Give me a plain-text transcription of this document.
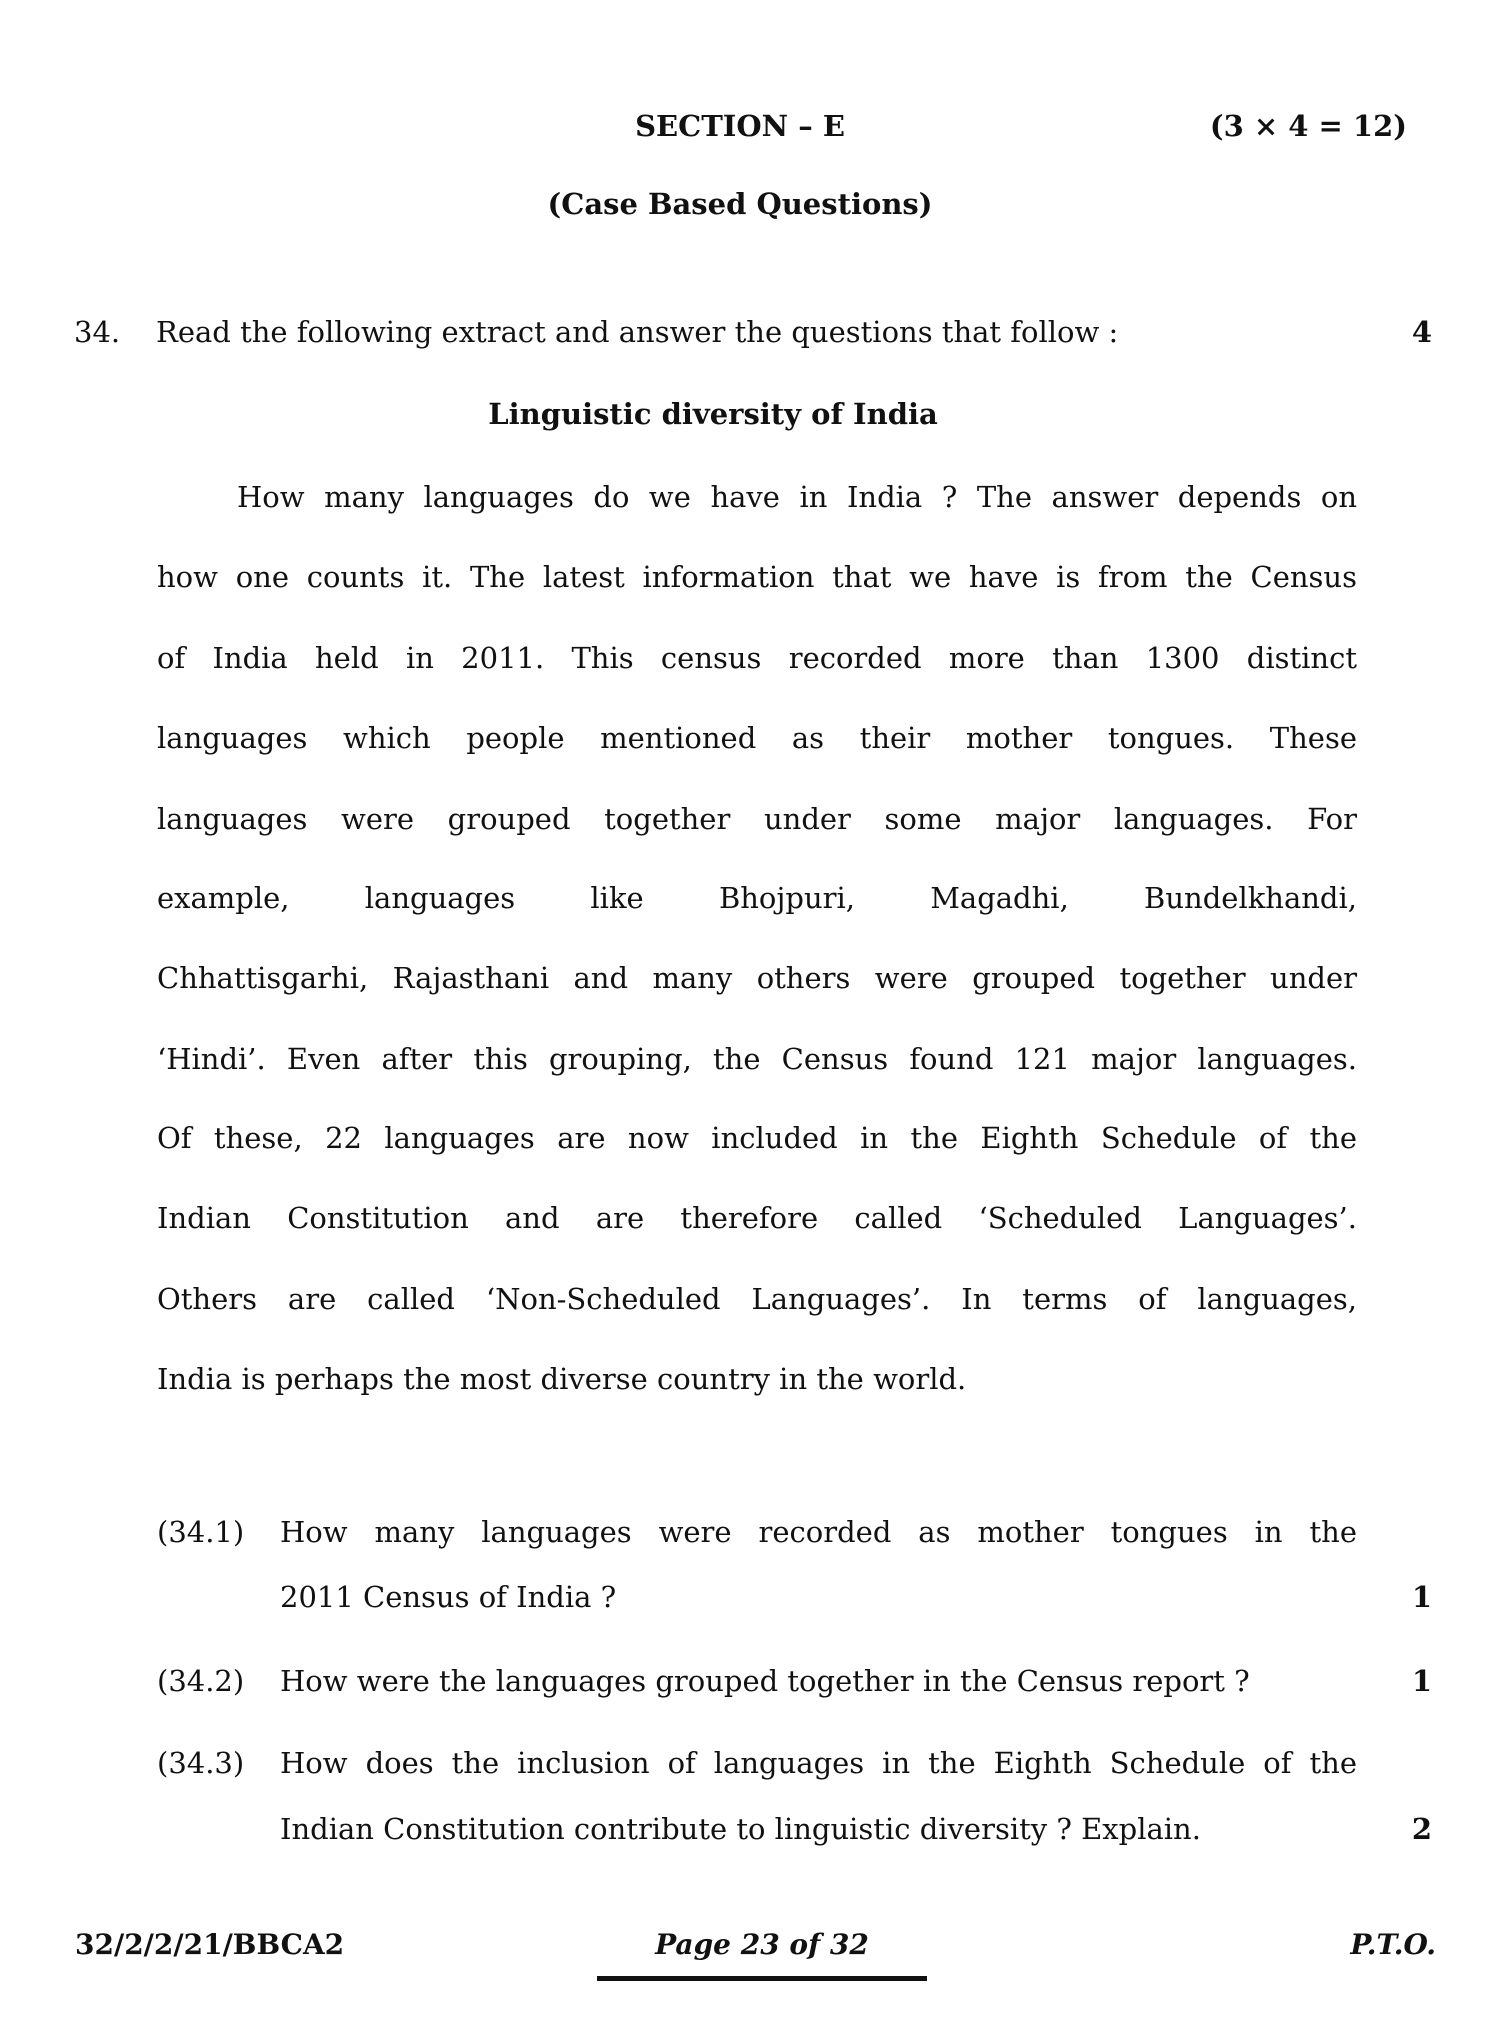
SECTION – E	(3 × 4 = 12)
(Case Based Questions)
34. Read the following extract and answer the questions that follow :	4
Linguistic diversity of India
How many languages do we have in India ? The answer depends on
how one counts it. The latest information that we have is from the Census
of India held in 2011. This census recorded more than 1300 distinct
languages which people mentioned as their mother tongues. These
languages were grouped together under some major languages. For
example, languages like Bhojpuri, Magadhi, Bundelkhandi,
Chhattisgarhi, Rajasthani and many others were grouped together under
‘Hindi’. Even after this grouping, the Census found 121 major languages.
Of these, 22 languages are now included in the Eighth Schedule of the
Indian Constitution and are therefore called ‘Scheduled Languages’.
Others are called ‘Non-Scheduled Languages’. In terms of languages,
India is perhaps the most diverse country in the world.
(34.1) How many languages were recorded as mother tongues in the
2011 Census of India ?	1
(34.2) How were the languages grouped together in the Census report ?	1
(34.3) How does the inclusion of languages in the Eighth Schedule of the
Indian Constitution contribute to linguistic diversity ? Explain.	2
32/2/2/21/BBCA2	Page 23 of 32	P.T.O.
